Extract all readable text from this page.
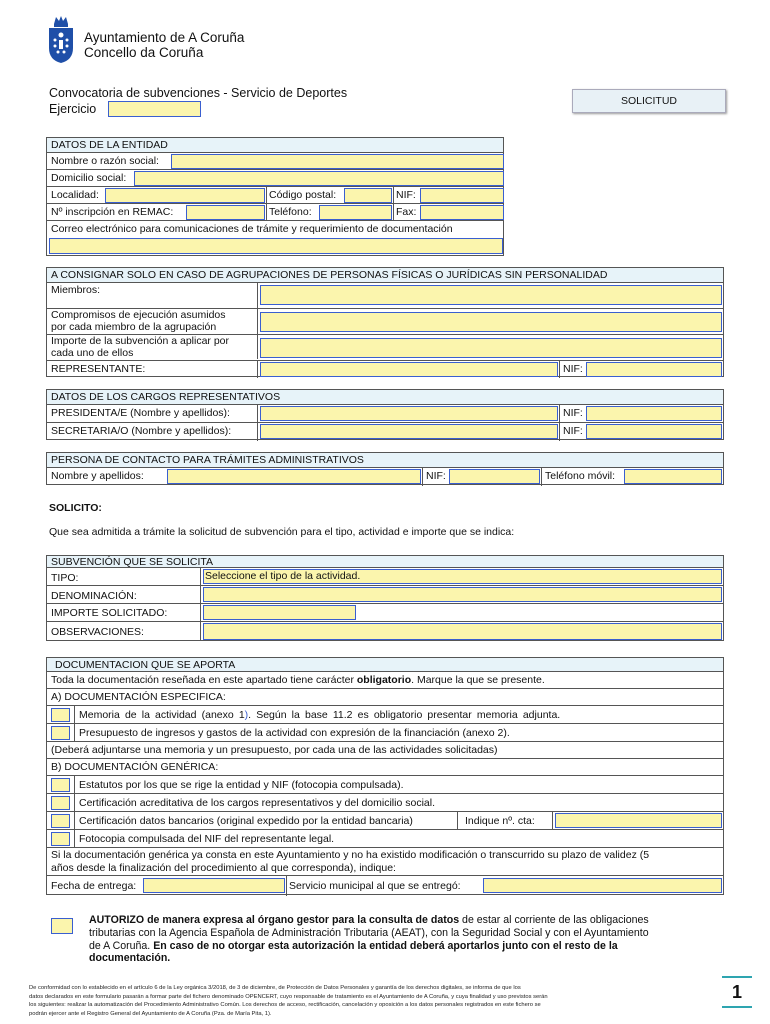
Ayuntamiento de A Coruña
Concello da Coruña
Convocatoria de subvenciones - Servicio de Deportes
Ejercicio
SOLICITUD
DATOS DE LA ENTIDAD
Nombre o razón social:
Domicilio social:
Localidad:	Código postal:	NIF:
Nº inscripción en REMAC:	Teléfono:	Fax:
Correo electrónico para comunicaciones de trámite y requerimiento de documentación
A CONSIGNAR SOLO EN CASO DE AGRUPACIONES DE PERSONAS FÍSICAS O JURÍDICAS SIN PERSONALIDAD
Miembros:
Compromisos de ejecución asumidos
por cada miembro de la agrupación
Importe de la subvención a aplicar por
cada uno de ellos
REPRESENTANTE:	NIF:
DATOS DE LOS CARGOS REPRESENTATIVOS
PRESIDENTA/E (Nombre y apellidos):	NIF:
SECRETARIA/O (Nombre y apellidos):	NIF:
PERSONA DE CONTACTO PARA TRÁMITES ADMINISTRATIVOS
Nombre y apellidos:	NIF:	Teléfono móvil:
SOLICITO:
Que sea admitida a trámite la solicitud de subvención para el tipo, actividad e importe que se indica:
SUBVENCIÓN QUE SE SOLICITA
TIPO:	Seleccione el tipo de la actividad.
DENOMINACIÓN:
IMPORTE SOLICITADO:
OBSERVACIONES:
DOCUMENTACION QUE SE APORTA
Toda la documentación reseñada en este apartado tiene carácter obligatorio. Marque la que se presente.
A) DOCUMENTACIÓN ESPECIFICA:
Memoria de la actividad (anexo 1). Según la base 11.2 es obligatorio presentar memoria adjunta.
Presupuesto de ingresos y gastos de la actividad con expresión de la financiación (anexo 2).
(Deberá adjuntarse una memoria y un presupuesto, por cada una de las actividades solicitadas)
B) DOCUMENTACIÓN GENÉRICA:
Estatutos por los que se rige la entidad y NIF (fotocopia compulsada).
Certificación acreditativa de los cargos representativos y del domicilio social.
Certificación datos bancarios (original expedido por la entidad bancaria)	Indique nº. cta:
Fotocopia compulsada del NIF del representante legal.
Si la documentación genérica ya consta en este Ayuntamiento y no ha existido modificación o transcurrido su plazo de validez (5
años desde la finalización del procedimiento al que corresponda), indique:
Fecha de entrega:	Servicio municipal al que se entregó:
AUTORIZO de manera expresa al órgano gestor para la consulta de datos de estar al corriente de las obligaciones
tributarias con la Agencia Española de Administración Tributaria (AEAT), con la Seguridad Social y con el Ayuntamiento
de A Coruña. En caso de no otorgar esta autorización la entidad deberá aportarlos junto con el resto de la
documentación.
De conformidad con lo establecido en el artículo 6 de la Ley orgánica 3/2018, de 3 de diciembre, de Protección de Datos Personales y garantía de los derechos digitales, se informa de que los
datos declarados en este formulario pasarán a formar parte del fichero denominado OPENCERT, cuyo responsable de tratamiento es el Ayuntamiento de A Coruña, y cuya finalidad y uso previstos serán
los siguientes: realizar la automatización del Procedimiento Administrativo Común. Los derechos de acceso, rectificación, cancelación y oposición a los datos personales registrados en este fichero se
podrán ejercer ante el Registro General del Ayuntamiento de A Coruña (Pza. de María Pita, 1).
1
